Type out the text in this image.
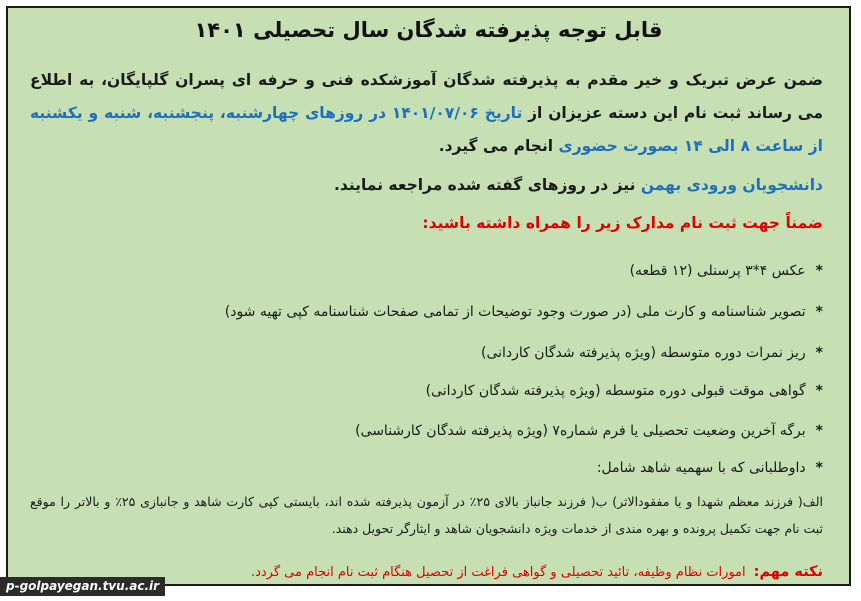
قابل توجه پذیرفته شدگان سال تحصیلی ۱۴۰۱
ضمن عرض تبریک و خیر مقدم به پذیرفته شدگان آموزشکده فنی و حرفه ای پسران گلپایگان، به اطلاع می رساند ثبت نام این دسته عزیزان از تاریخ ۱۴۰۱/۰۷/۰۶ در روزهای چهارشنبه، پنجشنبه، شنبه و یکشنبه از ساعت ۸ الی ۱۴ بصورت حضوری انجام می گیرد.
دانشجویان ورودی بهمن نیز در روزهای گفته شده مراجعه نمایند.
ضمناً جهت ثبت نام مدارک زیر را همراه داشته باشید:
*عکس ۴*۳ پرسنلی (۱۲ قطعه)
*تصویر شناسنامه و کارت ملی (در صورت وجود توضیحات از تمامی صفحات شناسنامه کپی تهیه شود)
*ریز نمرات دوره متوسطه (ویژه پذیرفته شدگان کاردانی)
*گواهی موقت قبولی دوره متوسطه (ویژه پذیرفته شدگان کاردانی)
*برگه آخرین وضعیت تحصیلی یا فرم شماره۷ (ویژه پذیرفته شدگان کارشناسی)
*داوطلبانی که با سهمیه شاهد شامل:
الف( فرزند معظم شهدا و یا مفقودالاثر) ب( فرزند جانباز بالای ۲۵٪ در آزمون پذیرفته شده اند، بایستی کپی کارت شاهد و جانبازی ۲۵٪ و بالاتر را موقع ثبت نام جهت تکمیل پرونده و بهره مندی از خدمات ویژه دانشجویان شاهد و ایثارگر تحویل دهند.
نکته مهم:امورات نظام وظیفه، تائید تحصیلی و گواهی فراغت از تحصیل هنگام ثبت نام انجام می گردد.
p-golpayegan.tvu.ac.ir
